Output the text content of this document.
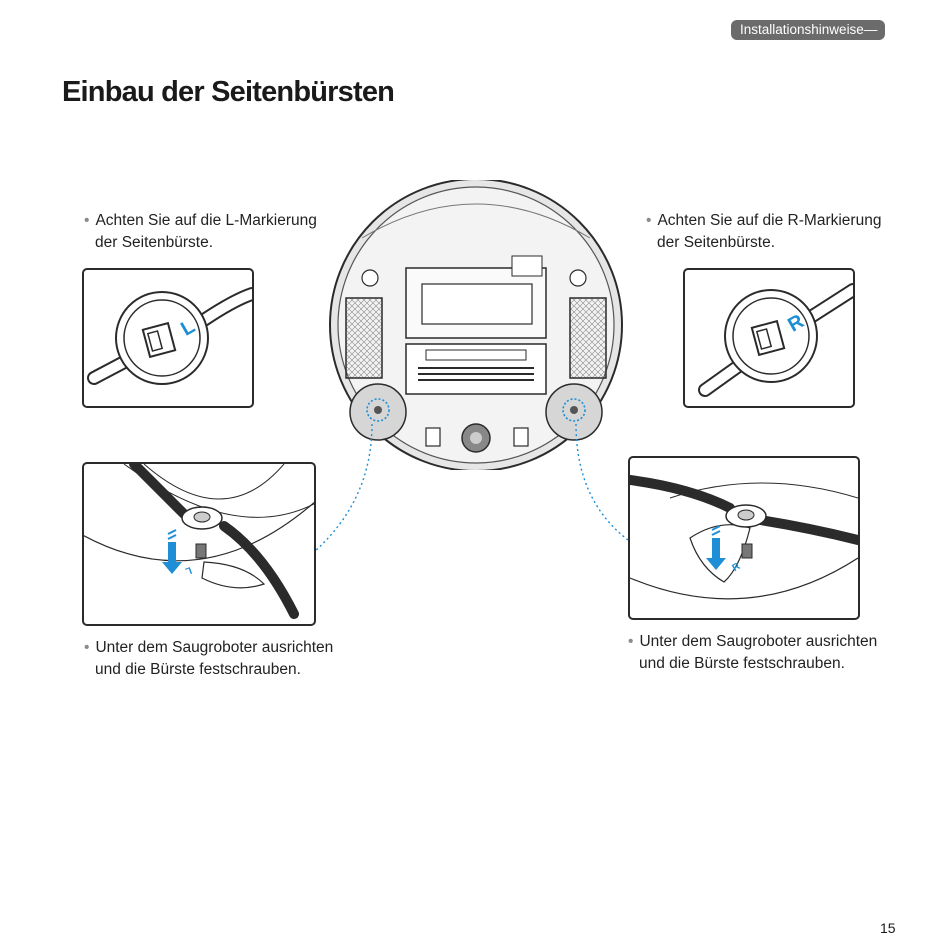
Installationshinweise—
Einbau der Seitenbürsten
• Achten Sie auf die L-Markierung
der Seitenbürste.
• Achten Sie auf die R-Markierung
der Seitenbürste.
L	R
L	R
• Unter dem Saugroboter ausrichten
und die Bürste festschrauben.
• Unter dem Saugroboter ausrichten
und die Bürste festschrauben.
15
